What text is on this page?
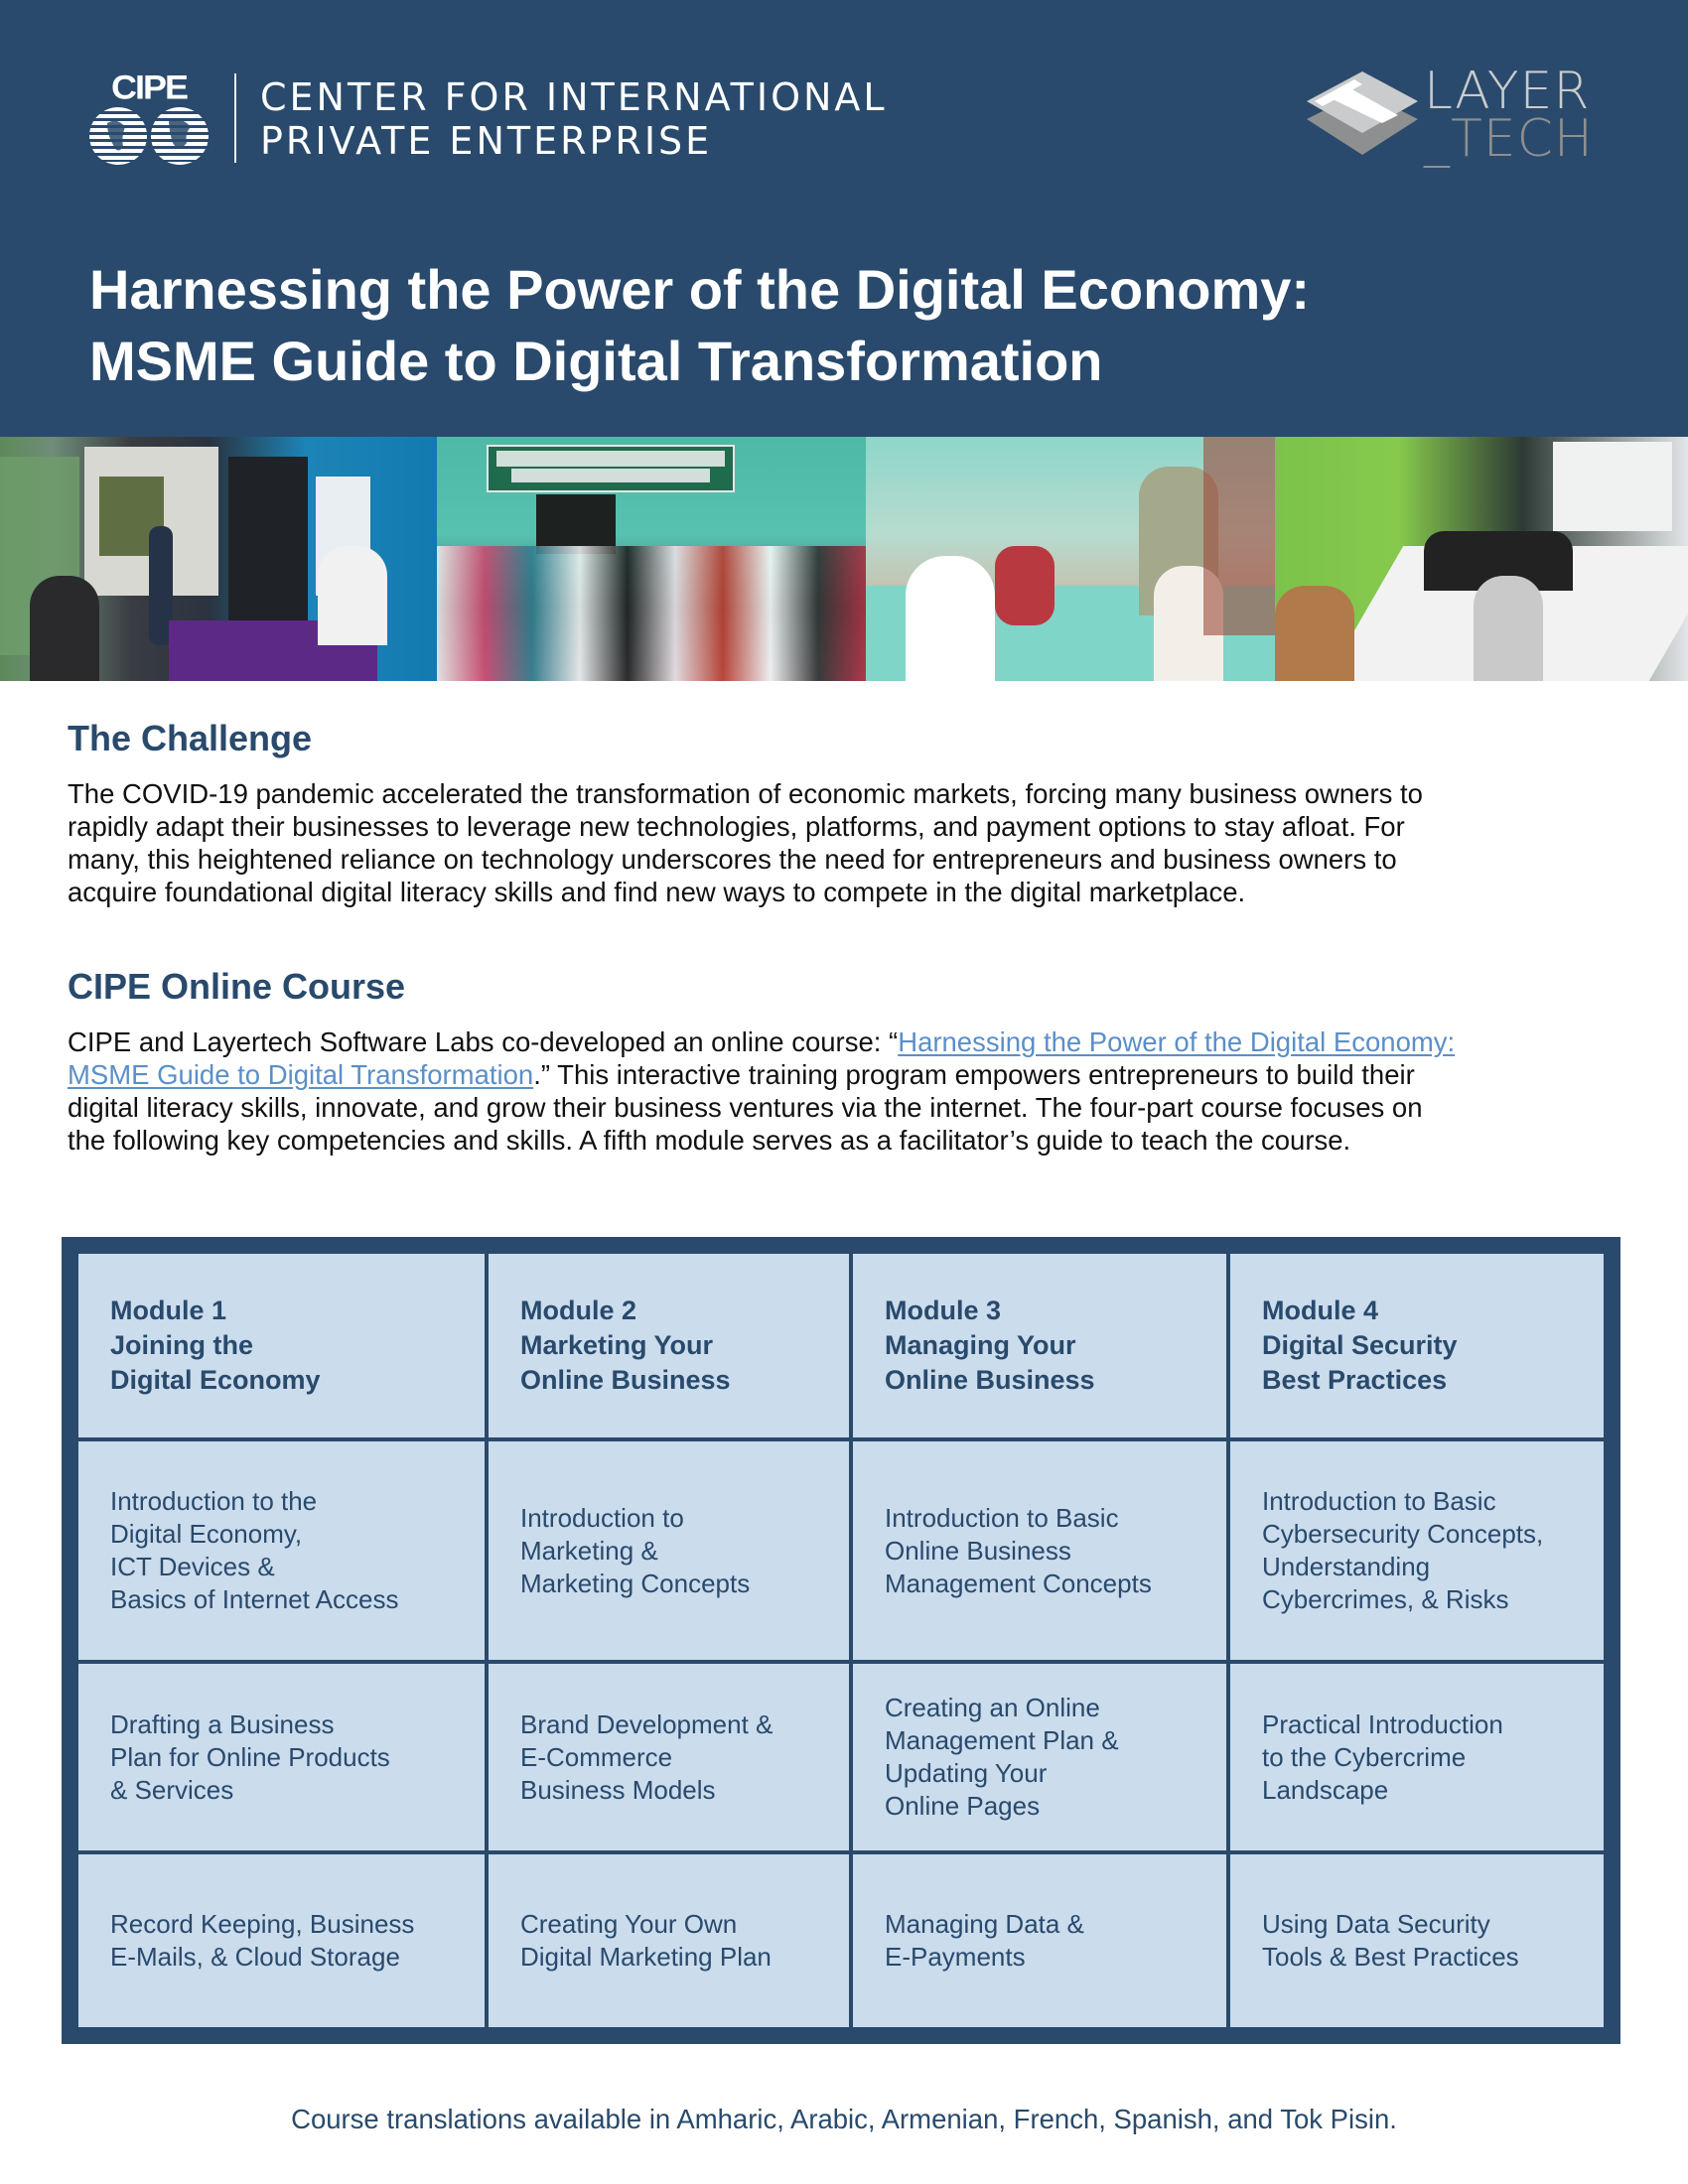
CIPE	CENTER FOR INTERNATIONAL
PRIVATE ENTERPRISE
LAYER
_TECH
Harnessing the Power of the Digital Economy:
MSME Guide to Digital Transformation
The Challenge
The COVID-19 pandemic accelerated the transformation of economic markets, forcing many business owners to
rapidly adapt their businesses to leverage new technologies, platforms, and payment options to stay afloat. For
many, this heightened reliance on technology underscores the need for entrepreneurs and business owners to
acquire foundational digital literacy skills and find new ways to compete in the digital marketplace.
CIPE Online Course
CIPE and Layertech Software Labs co-developed an online course: “Harnessing the Power of the Digital Economy:
MSME Guide to Digital Transformation.” This interactive training program empowers entrepreneurs to build their
digital literacy skills, innovate, and grow their business ventures via the internet. The four-part course focuses on
the following key competencies and skills. A fifth module serves as a facilitator’s guide to teach the course.
Module 1
Joining the
Digital Economy
Module 2
Marketing Your
Online Business
Module 3
Managing Your
Online Business
Module 4
Digital Security
Best Practices
Introduction to the
Digital Economy,
ICT Devices &
Basics of Internet Access
Introduction to
Marketing &
Marketing Concepts
Introduction to Basic
Online Business
Management Concepts
Introduction to Basic
Cybersecurity Concepts,
Understanding
Cybercrimes, & Risks
Drafting a Business
Plan for Online Products
& Services
Brand Development &
E-Commerce
Business Models
Creating an Online
Management Plan &
Updating Your
Online Pages
Practical Introduction
to the Cybercrime
Landscape
Record Keeping, Business
E-Mails, & Cloud Storage
Creating Your Own
Digital Marketing Plan
Managing Data &
E-Payments
Using Data Security
Tools & Best Practices

Course translations available in Amharic, Arabic, Armenian, French, Spanish, and Tok Pisin.
